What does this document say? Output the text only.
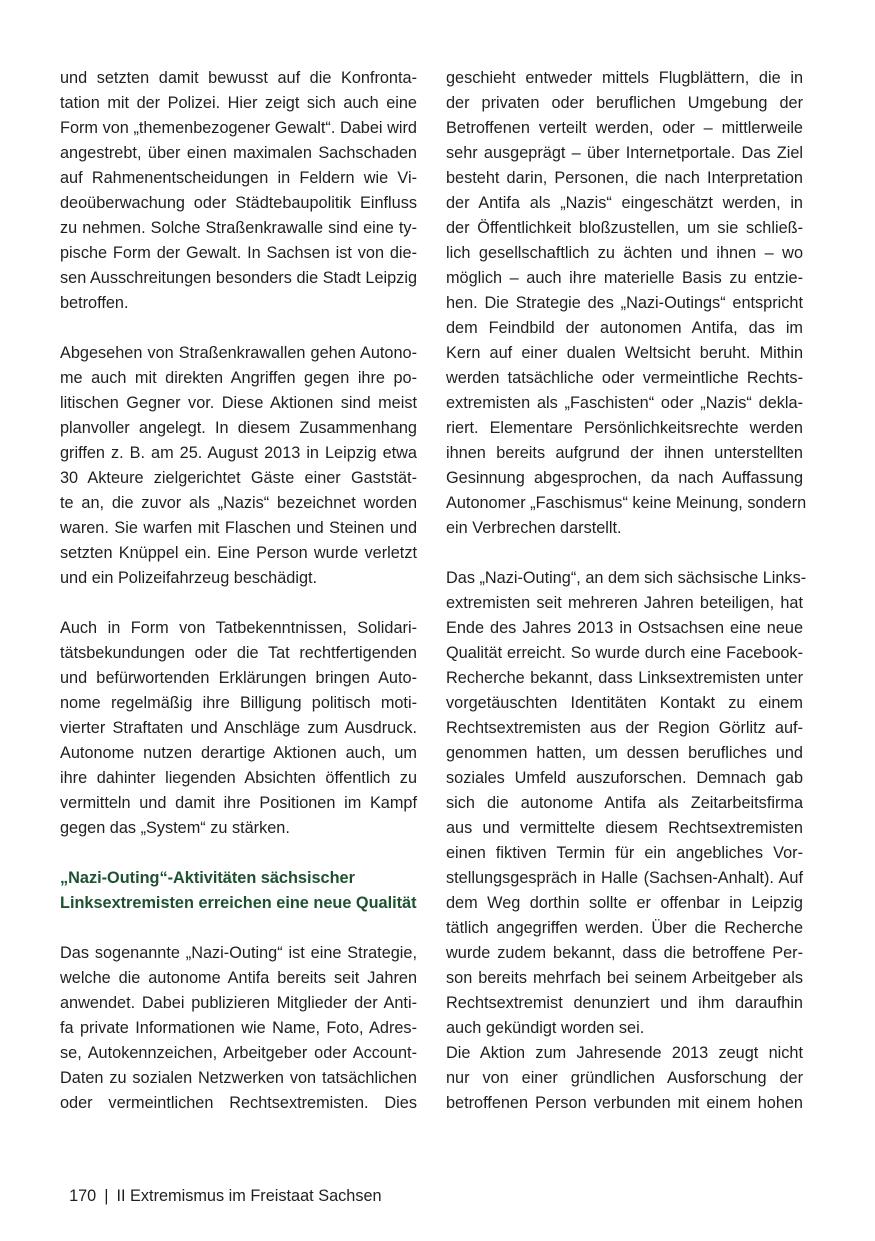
und setzten damit bewusst auf die Konfronta-
tation mit der Polizei. Hier zeigt sich auch eine
Form von „themenbezogener Gewalt“. Dabei wird
angestrebt, über einen maximalen Sachschaden
auf Rahmenentscheidungen in Feldern wie Vi-
deoüberwachung oder Städtebaupolitik Einfluss
zu nehmen. Solche Straßenkrawalle sind eine ty-
pische Form der Gewalt. In Sachsen ist von die-
sen Ausschreitungen besonders die Stadt Leipzig
betroffen.
Abgesehen von Straßenkrawallen gehen Autono-
me auch mit direkten Angriffen gegen ihre po-
litischen Gegner vor. Diese Aktionen sind meist
planvoller angelegt. In diesem Zusammenhang
griffen z. B. am 25. August 2013 in Leipzig etwa
30 Akteure zielgerichtet Gäste einer Gaststät-
te an, die zuvor als „Nazis“ bezeichnet worden
waren. Sie warfen mit Flaschen und Steinen und
setzten Knüppel ein. Eine Person wurde verletzt
und ein Polizeifahrzeug beschädigt.
Auch in Form von Tatbekenntnissen, Solidari-
tätsbekundungen oder die Tat rechtfertigenden
und befürwortenden Erklärungen bringen Auto-
nome regelmäßig ihre Billigung politisch moti-
vierter Straftaten und Anschläge zum Ausdruck.
Autonome nutzen derartige Aktionen auch, um
ihre dahinter liegenden Absichten öffentlich zu
vermitteln und damit ihre Positionen im Kampf
gegen das „System“ zu stärken.
„Nazi-Outing“-Aktivitäten sächsischer
Linksextremisten erreichen eine neue Qualität
Das sogenannte „Nazi-Outing“ ist eine Strategie,
welche die autonome Antifa bereits seit Jahren
anwendet. Dabei publizieren Mitglieder der Anti-
fa private Informationen wie Name, Foto, Adres-
se, Autokennzeichen, Arbeitgeber oder Account-
Daten zu sozialen Netzwerken von tatsächlichen
oder vermeintlichen Rechtsextremisten. Dies
geschieht entweder mittels Flugblättern, die in
der privaten oder beruflichen Umgebung der
Betroffenen verteilt werden, oder – mittlerweile
sehr ausgeprägt – über Internetportale. Das Ziel
besteht darin, Personen, die nach Interpretation
der Antifa als „Nazis“ eingeschätzt werden, in
der Öffentlichkeit bloßzustellen, um sie schließ-
lich gesellschaftlich zu ächten und ihnen – wo
möglich – auch ihre materielle Basis zu entzie-
hen. Die Strategie des „Nazi-Outings“ entspricht
dem Feindbild der autonomen Antifa, das im
Kern auf einer dualen Weltsicht beruht. Mithin
werden tatsächliche oder vermeintliche Rechts-
extremisten als „Faschisten“ oder „Nazis“ dekla-
riert. Elementare Persönlichkeitsrechte werden
ihnen bereits aufgrund der ihnen unterstellten
Gesinnung abgesprochen, da nach Auffassung
Autonomer „Faschismus“ keine Meinung, sondern
ein Verbrechen darstellt.
Das „Nazi-Outing“, an dem sich sächsische Links-
extremisten seit mehreren Jahren beteiligen, hat
Ende des Jahres 2013 in Ostsachsen eine neue
Qualität erreicht. So wurde durch eine Facebook-
Recherche bekannt, dass Linksextremisten unter
vorgetäuschten Identitäten Kontakt zu einem
Rechtsextremisten aus der Region Görlitz auf-
genommen hatten, um dessen berufliches und
soziales Umfeld auszuforschen. Demnach gab
sich die autonome Antifa als Zeitarbeitsfirma
aus und vermittelte diesem Rechtsextremisten
einen fiktiven Termin für ein angebliches Vor-
stellungsgespräch in Halle (Sachsen-Anhalt). Auf
dem Weg dorthin sollte er offenbar in Leipzig
tätlich angegriffen werden. Über die Recherche
wurde zudem bekannt, dass die betroffene Per-
son bereits mehrfach bei seinem Arbeitgeber als
Rechtsextremist denunziert und ihm daraufhin
auch gekündigt worden sei.
Die Aktion zum Jahresende 2013 zeugt nicht
nur von einer gründlichen Ausforschung der
betroffenen Person verbunden mit einem hohen

170 | II Extremismus im Freistaat Sachsen
